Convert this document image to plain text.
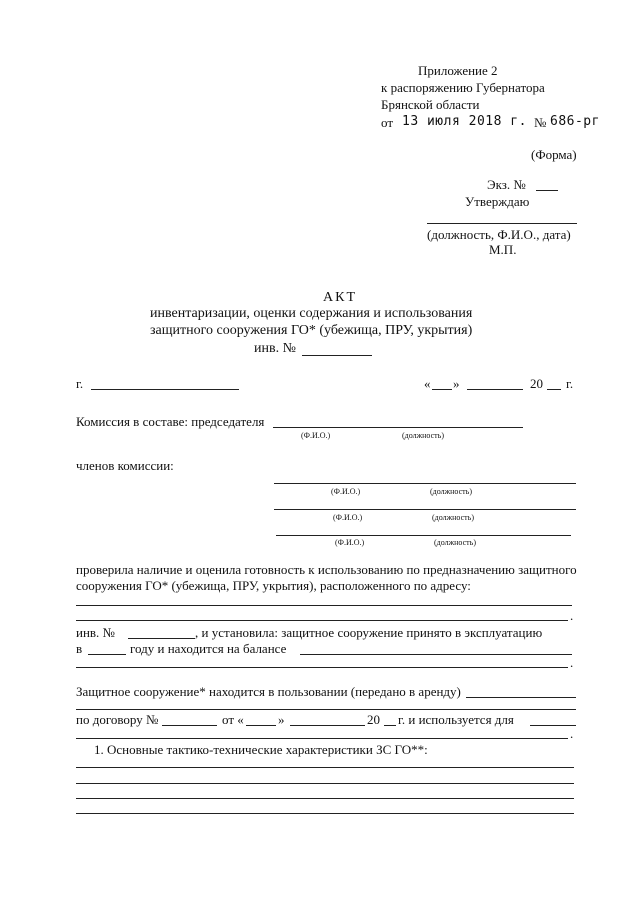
Приложение 2
к распоряжению Губернатора
Брянской области
от 13 июля 2018 г. № 686-рг
(Форма)
Экз. №
Утверждаю
(должность, Ф.И.О., дата)
М.П.
АКТ
инвентаризации, оценки содержания и использования
защитного сооружения ГО* (убежища, ПРУ, укрытия)
инв. №
г.	« »	20 г.
Комиссия в составе: председателя
(Ф.И.О.)	(должность)
членов комиссии:
(Ф.И.О.)	(должность)
(Ф.И.О.)	(должность)
(Ф.И.О.)	(должность)
проверила наличие и оценила готовность к использованию по предназначению защитного
сооружения ГО* (убежища, ПРУ, укрытия), расположенного по адресу:
.
инв. №	, и установила: защитное сооружение принято в эксплуатацию
в	году и находится на балансе
.
Защитное сооружение* находится в пользовании (передано в аренду)
по договору №	от «	»	20 г. и используется для
.
1. Основные тактико-технические характеристики ЗС ГО**:
